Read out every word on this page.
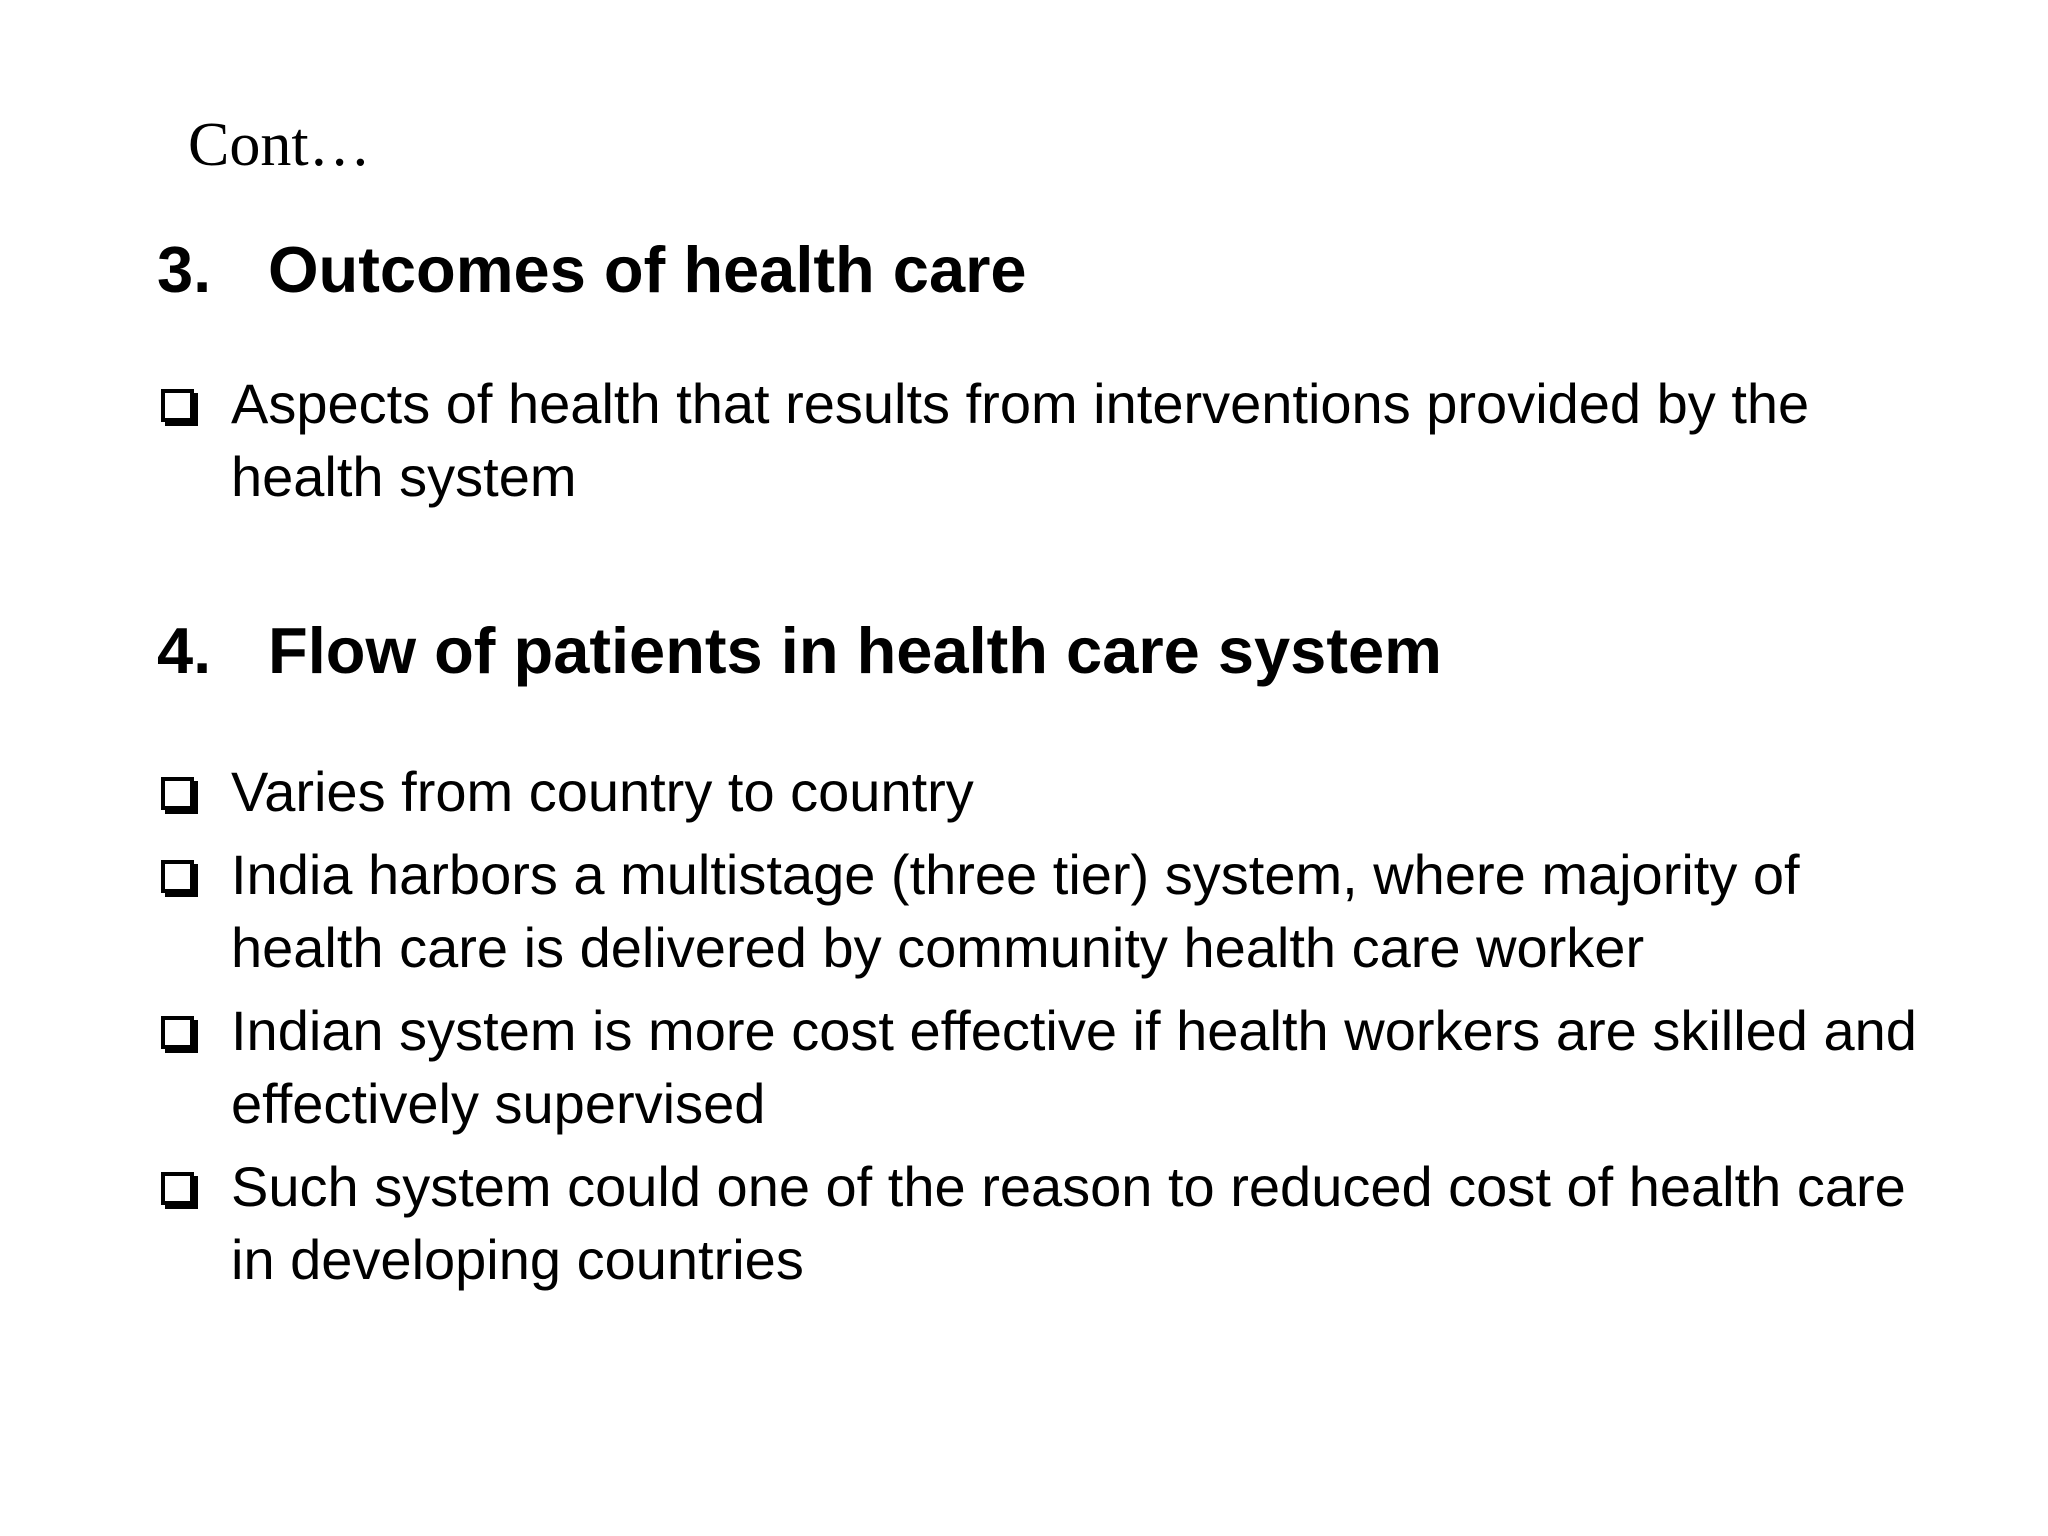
Cont…
3. Outcomes of health care
Aspects of health that results from interventions provided by the health system
4. Flow of patients in health care system
Varies from country to country
India harbors a multistage (three tier) system, where majority of health care is delivered by community health care worker
Indian system is more cost effective if health workers are skilled and effectively supervised
Such system could one of the reason to reduced cost of health care in developing countries
